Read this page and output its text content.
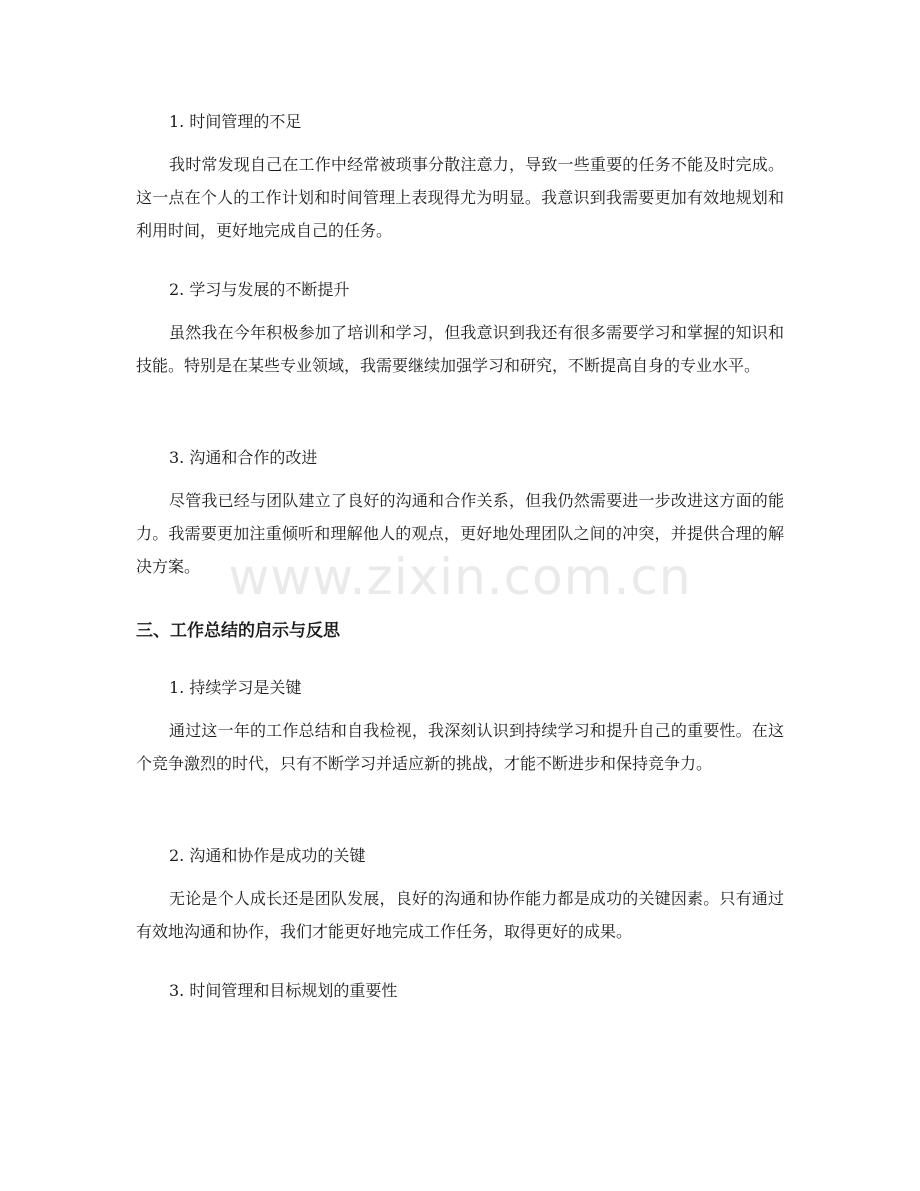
1. 时间管理的不足
我时常发现自己在工作中经常被琐事分散注意力，导致一些重要的任务不能及时完成。这一点在个人的工作计划和时间管理上表现得尤为明显。我意识到我需要更加有效地规划和利用时间，更好地完成自己的任务。
2. 学习与发展的不断提升
虽然我在今年积极参加了培训和学习，但我意识到我还有很多需要学习和掌握的知识和技能。特别是在某些专业领域，我需要继续加强学习和研究，不断提高自身的专业水平。
3. 沟通和合作的改进
尽管我已经与团队建立了良好的沟通和合作关系，但我仍然需要进一步改进这方面的能力。我需要更加注重倾听和理解他人的观点，更好地处理团队之间的冲突，并提供合理的解决方案。
三、工作总结的启示与反思
1. 持续学习是关键
通过这一年的工作总结和自我检视，我深刻认识到持续学习和提升自己的重要性。在这个竞争激烈的时代，只有不断学习并适应新的挑战，才能不断进步和保持竞争力。
2. 沟通和协作是成功的关键
无论是个人成长还是团队发展，良好的沟通和协作能力都是成功的关键因素。只有通过有效地沟通和协作，我们才能更好地完成工作任务，取得更好的成果。
3. 时间管理和目标规划的重要性
www.zixin.com.cn
